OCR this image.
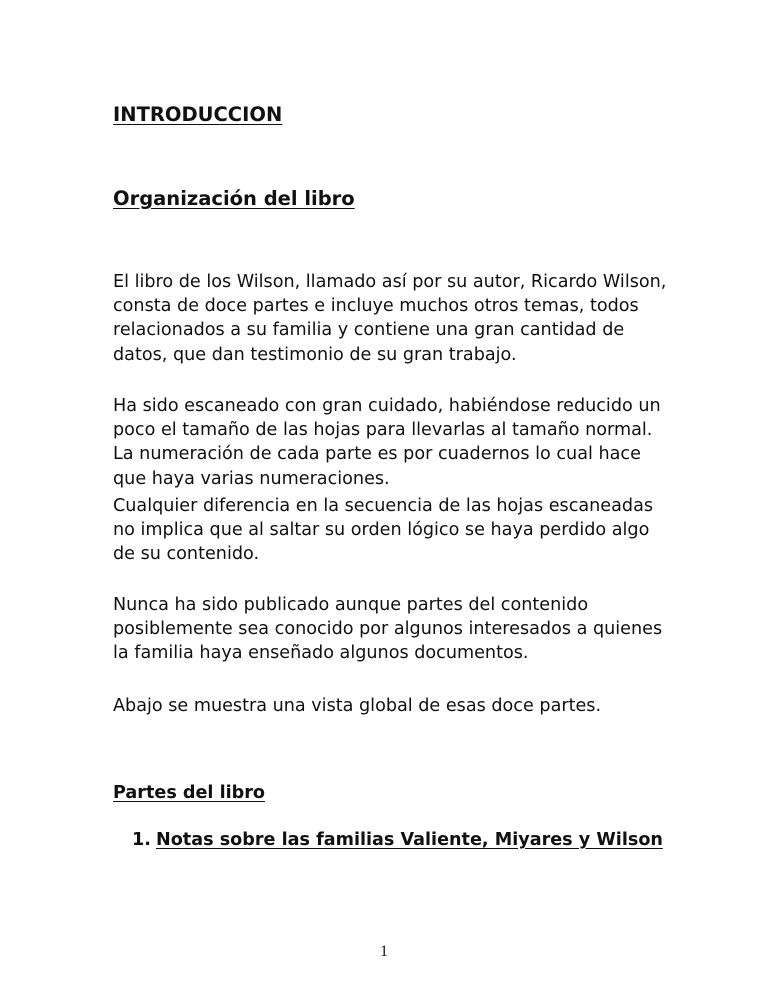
INTRODUCCION
Organización del libro

El libro de los Wilson, llamado así por su autor, Ricardo Wilson, consta de doce partes e incluye muchos otros temas, todos relacionados a su familia y contiene una gran cantidad de datos, que dan testimonio de su gran trabajo.

Ha sido escaneado con gran cuidado, habiéndose reducido un poco el tamaño de las hojas para llevarlas al tamaño normal. La numeración de cada parte es por cuadernos lo cual hace que haya varias numeraciones.

Cualquier diferencia en la secuencia de las hojas escaneadas no implica que al saltar su orden lógico se haya perdido algo de su contenido.

Nunca ha sido publicado aunque partes del contenido posiblemente sea conocido por algunos interesados a quienes la familia haya enseñado algunos documentos.

Abajo se muestra una vista global de esas doce partes.

Partes del libro
1. Notas sobre las familias Valiente, Miyares y Wilson
1
